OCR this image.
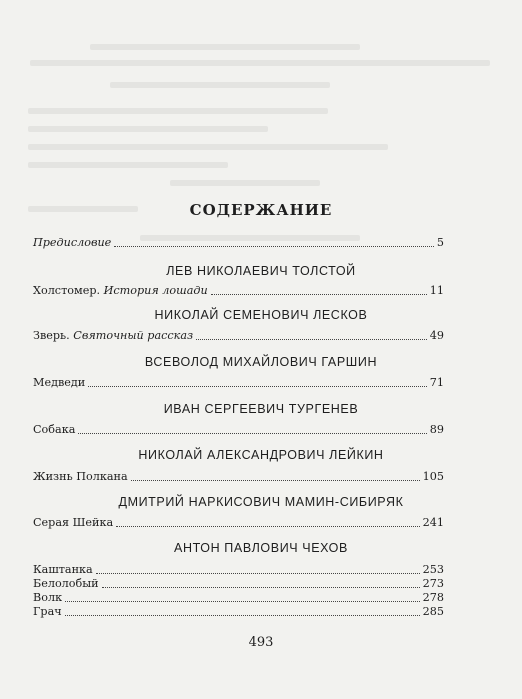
СОДЕРЖАНИЕ
Предисловие	5
ЛЕВ НИКОЛАЕВИЧ ТОЛСТОЙ
Холстомер. История лошади	11
НИКОЛАЙ СЕМЕНОВИЧ ЛЕСКОВ
Зверь. Святочный рассказ	49
ВСЕВОЛОД МИХАЙЛОВИЧ ГАРШИН
Медведи	71
ИВАН СЕРГЕЕВИЧ ТУРГЕНЕВ
Собака	89
НИКОЛАЙ АЛЕКСАНДРОВИЧ ЛЕЙКИН
Жизнь Полкана	105
ДМИТРИЙ НАРКИСОВИЧ МАМИН-СИБИРЯК
Серая Шейка	241
АНТОН ПАВЛОВИЧ ЧЕХОВ
Каштанка	253
Белолобый	273
Волк	278
Грач	285
493
